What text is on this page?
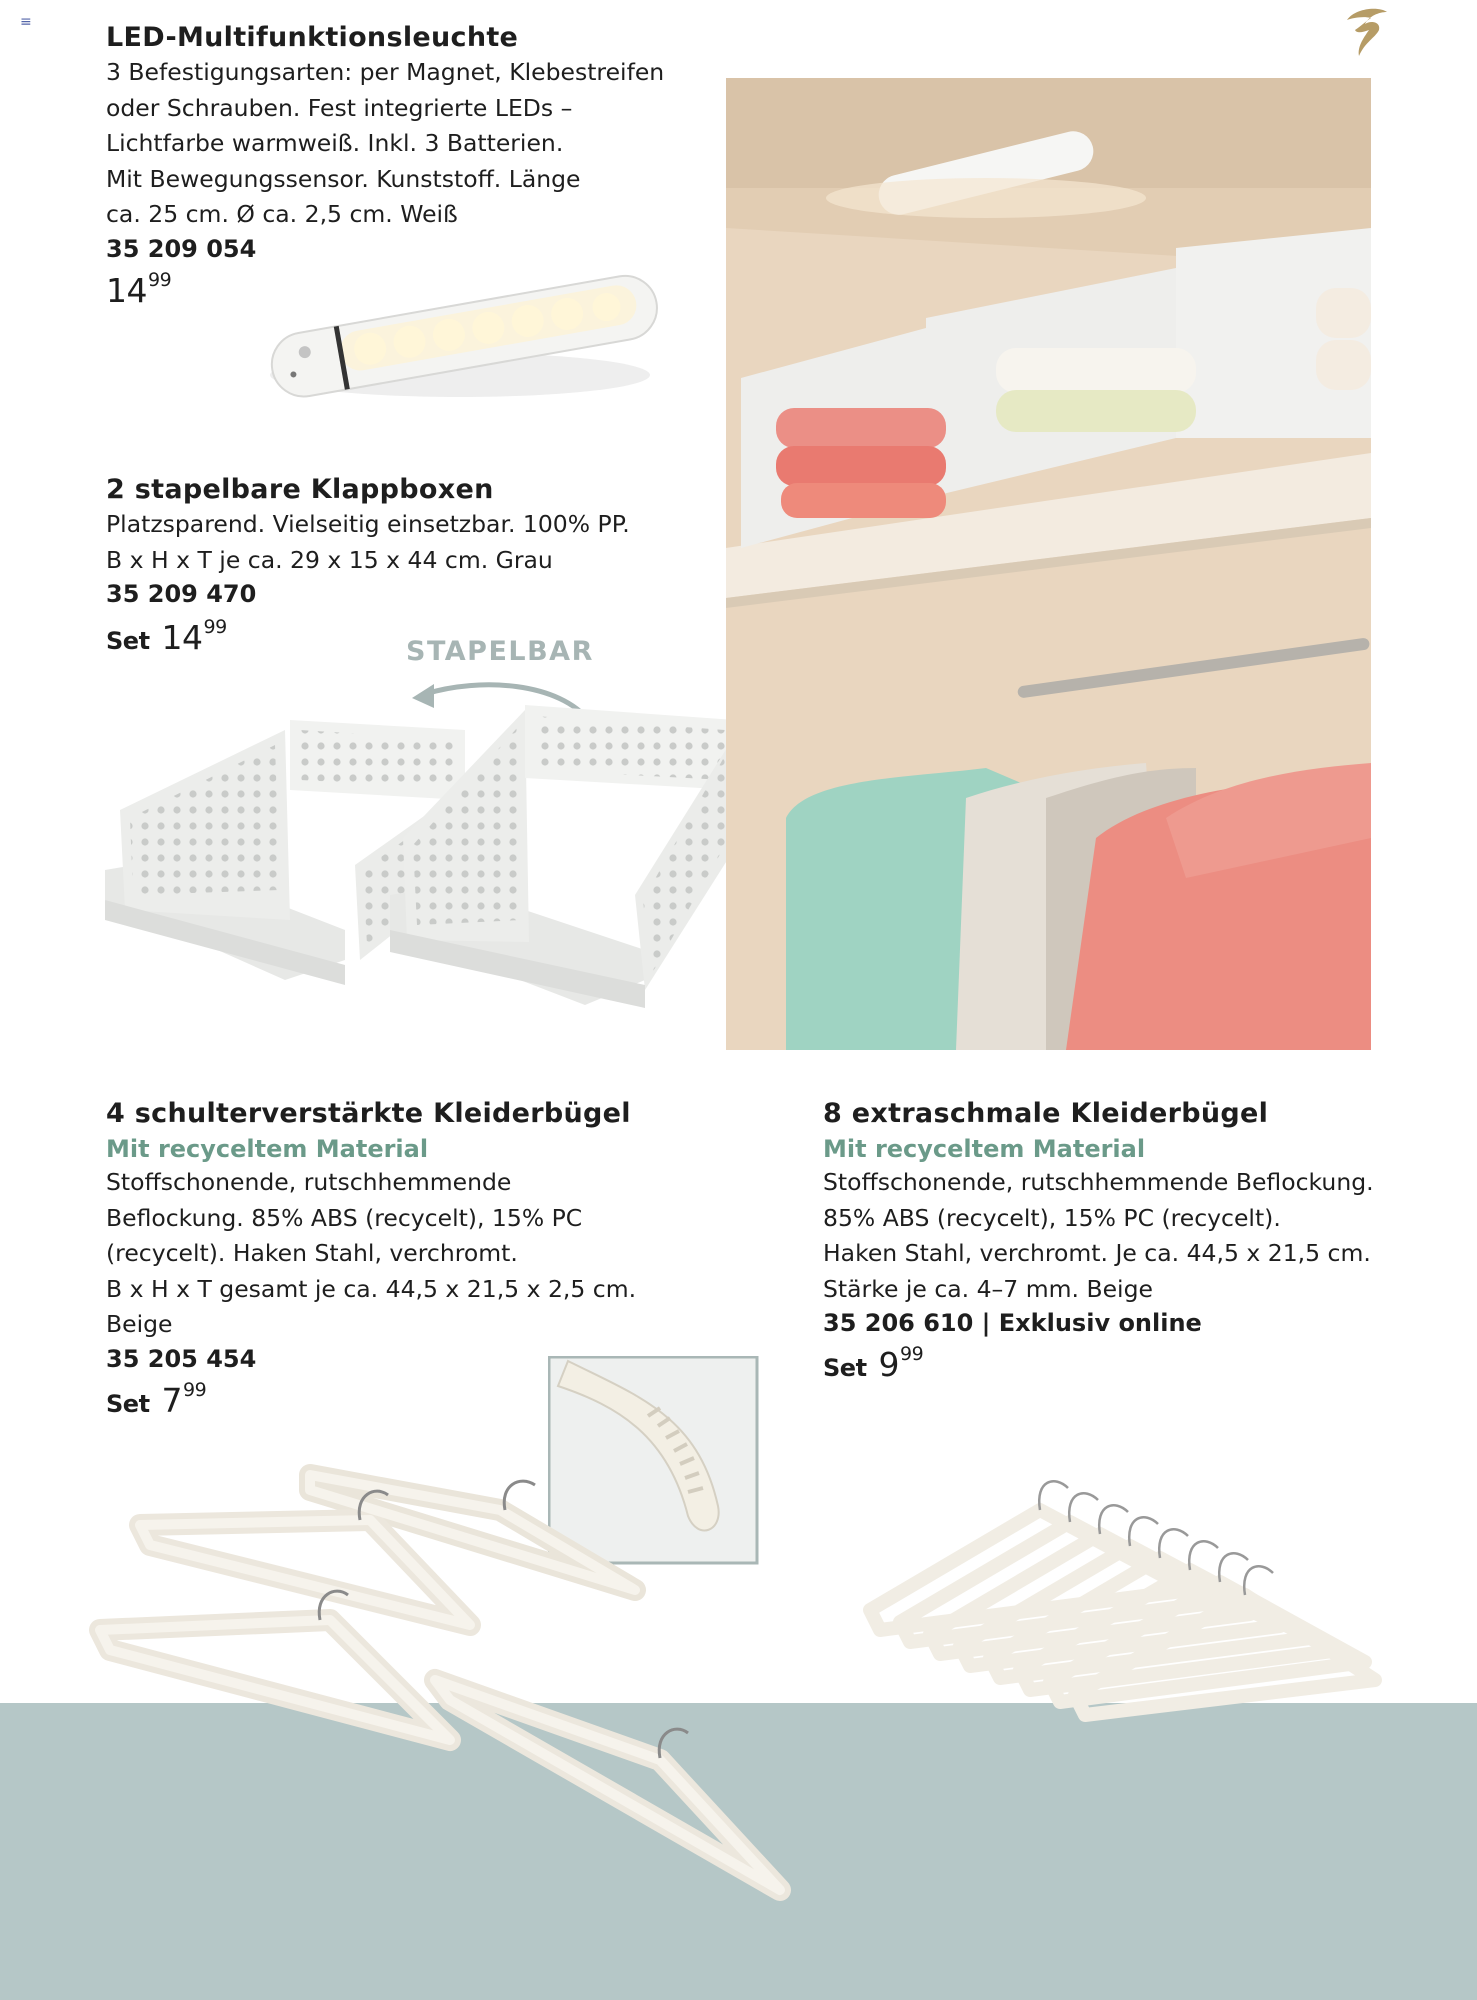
≡	LED-Multifunktionsleuchte
3 Befestigungsarten: per Magnet, Klebestreifen
oder Schrauben. Fest integrierte LEDs –
Lichtfarbe warmweiß. Inkl. 3 Batterien.
Mit Bewegungssensor. Kunststoff. Länge
ca. 25 cm. Ø ca. 2,5 cm. Weiß
35 209 054
$14^{99}$
2 stapelbare Klappboxen
Platzsparend. Vielseitig einsetzbar. 100% PP.
B x H x T je ca. 29 x 15 x 44 cm. Grau
35 209 470
Set $14^{99}$
STAPELBAR
4 schulterverstärkte Kleiderbügel
Mit recyceltem Material
Stoffschonende, rutschhemmende
Beflockung. 85% ABS (recycelt), 15% PC
(recycelt). Haken Stahl, verchromt.
B x H x T gesamt je ca. 44,5 x 21,5 x 2,5 cm.
Beige
35 205 454
Set $7^{99}$
8 extraschmale Kleiderbügel
Mit recyceltem Material
Stoffschonende, rutschhemmende Beflockung.
85% ABS (recycelt), 15% PC (recycelt).
Haken Stahl, verchromt. Je ca. 44,5 x 21,5 cm.
Stärke je ca. 4–7 mm. Beige
35 206 610 | Exklusiv online
Set $9^{99}$
